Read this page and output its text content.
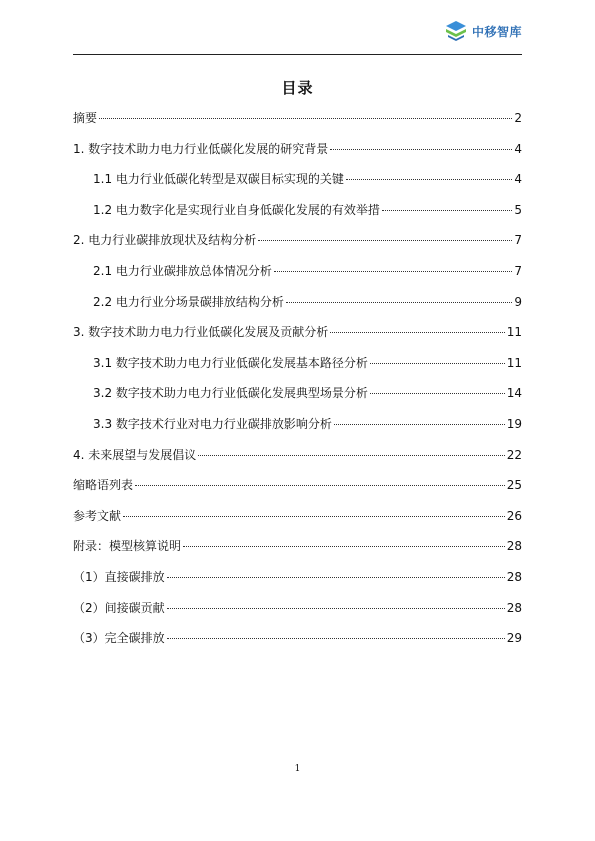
中移智库
目录
摘要	2
1. 数字技术助力电力行业低碳化发展的研究背景	4
1.1 电力行业低碳化转型是双碳目标实现的关键	4
1.2 电力数字化是实现行业自身低碳化发展的有效举措	5
2. 电力行业碳排放现状及结构分析	7
2.1 电力行业碳排放总体情况分析	7
2.2 电力行业分场景碳排放结构分析	9
3. 数字技术助力电力行业低碳化发展及贡献分析	11
3.1 数字技术助力电力行业低碳化发展基本路径分析	11
3.2 数字技术助力电力行业低碳化发展典型场景分析	14
3.3 数字技术行业对电力行业碳排放影响分析	19
4. 未来展望与发展倡议	22
缩略语列表	25
参考文献	26
附录：模型核算说明	28
（1）直接碳排放	28
（2）间接碳贡献	28
（3）完全碳排放	29
1
